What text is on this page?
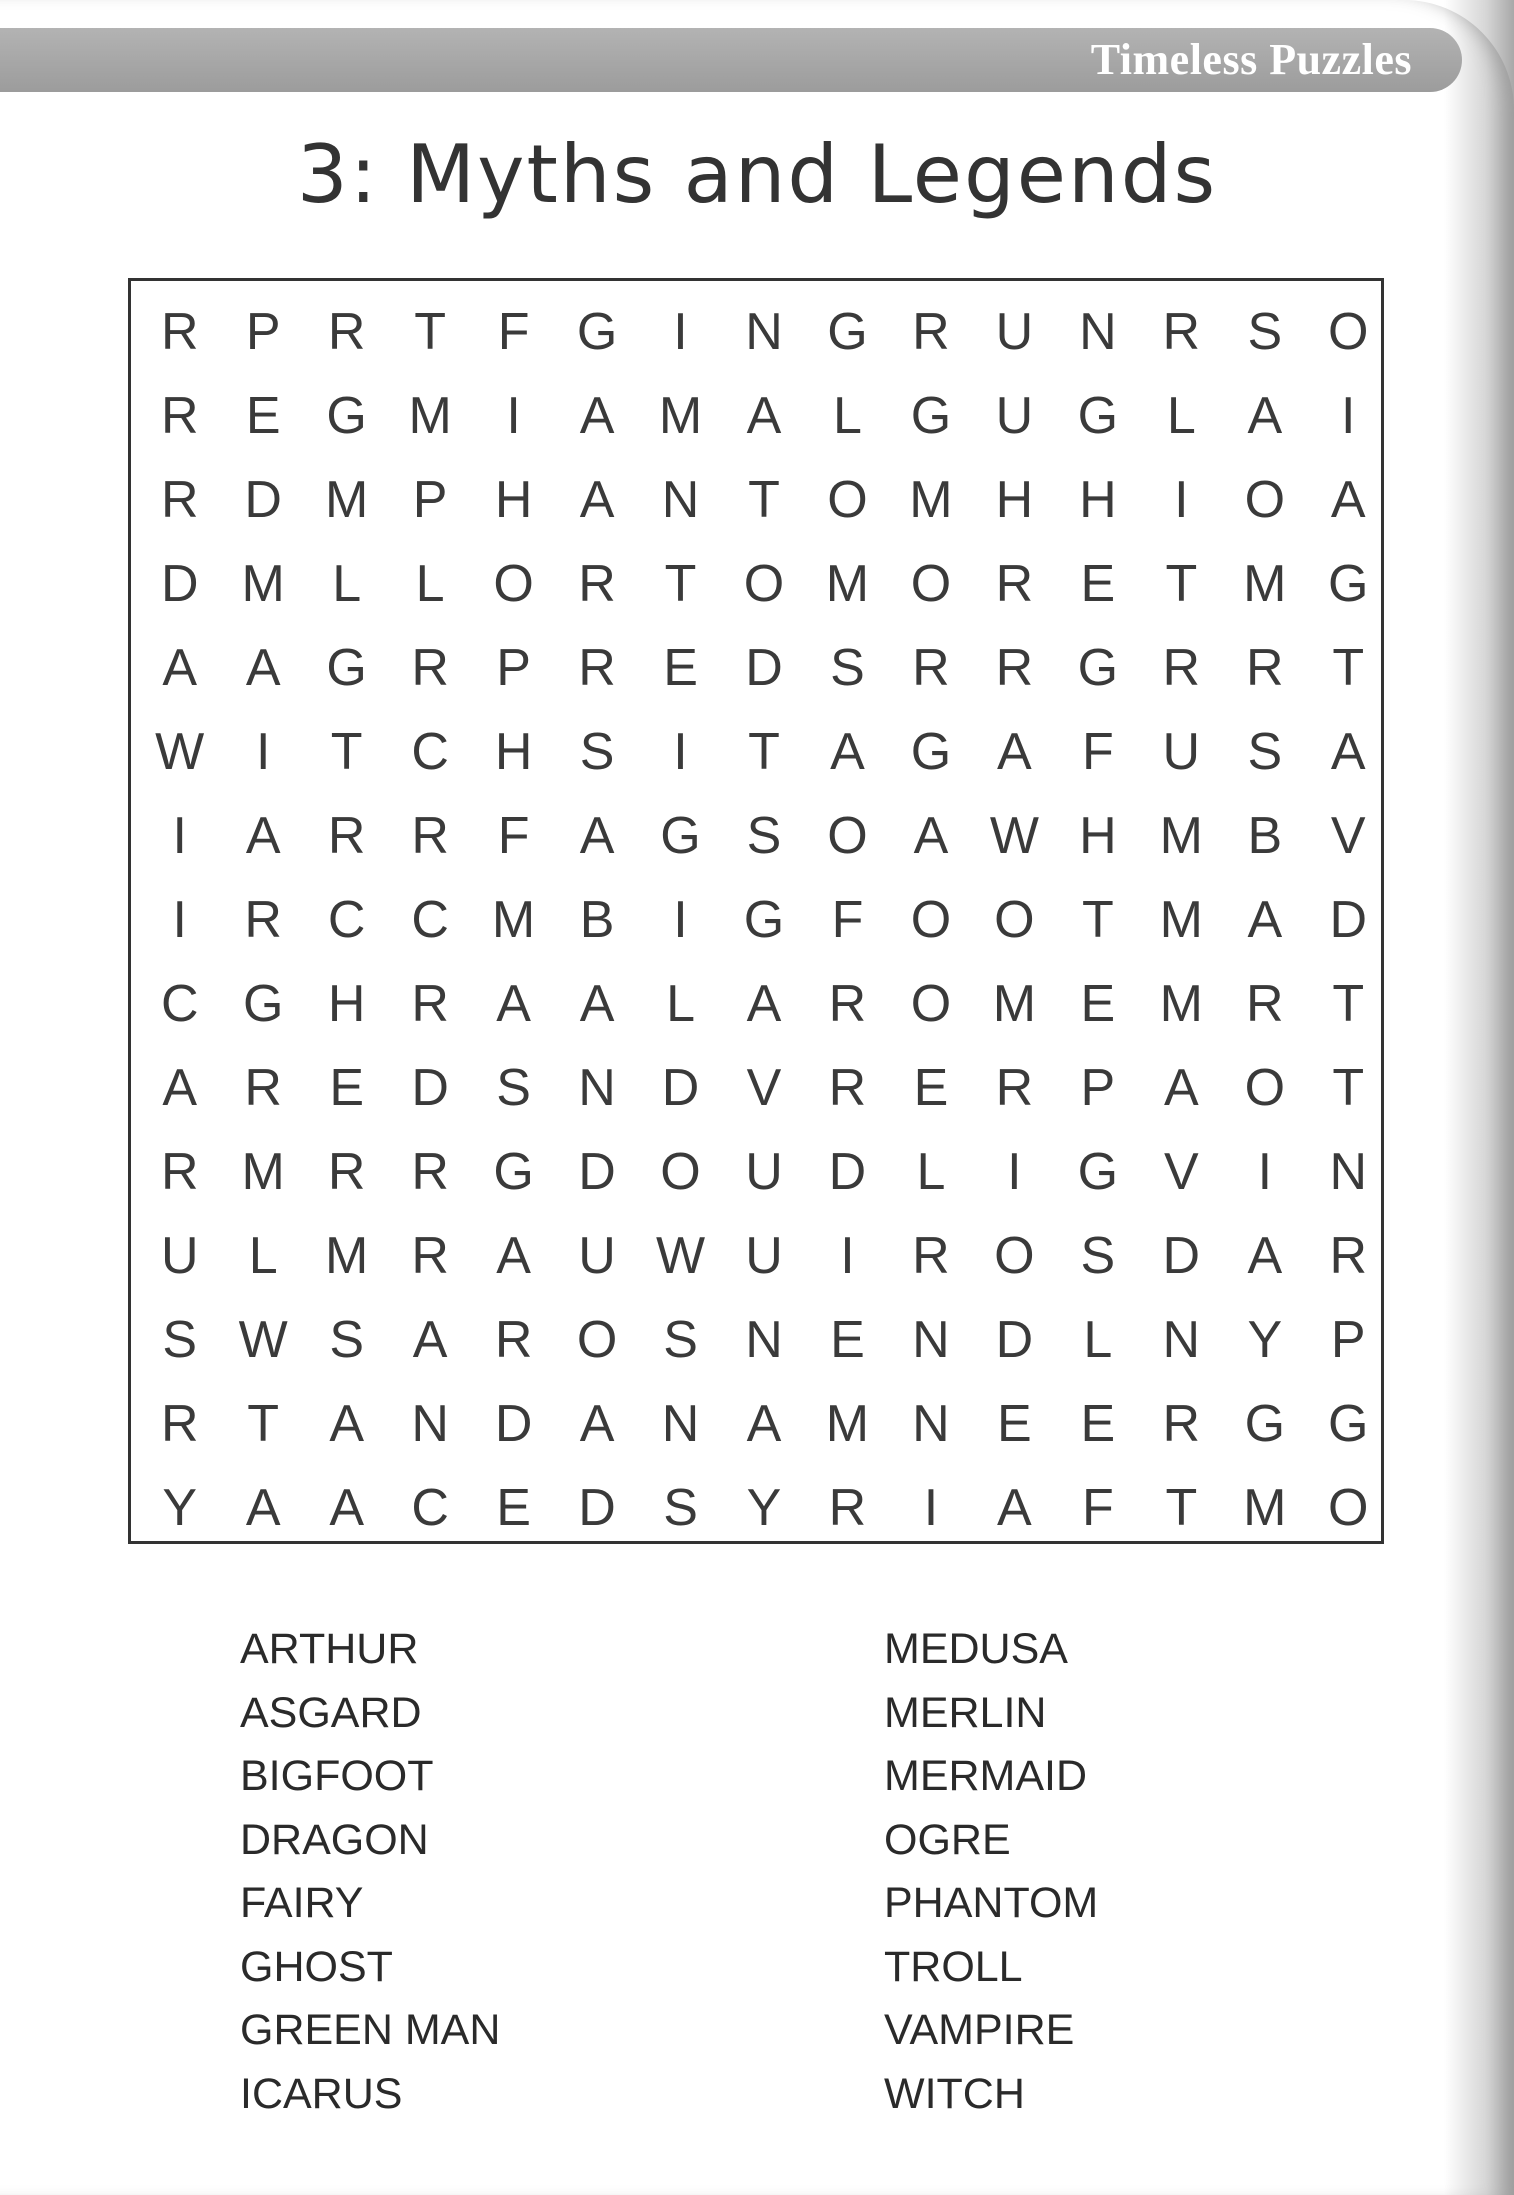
Timeless Puzzles
3: Myths and Legends
R P R T F G	I	N G R U N R S O
R E G M	I	A M A L G U G L A	I
R D M P H A N T O M H H	I	O A
D M L	L O R T O M O R E T M G
A A G R P R E D S R R G R R T
W I	T C H S	I	T A G A F U S A
I	A R R F A G S O A W H M B V
I	R C C M B	I	G F O O T M A D
C G H R A A L A R O M E M R T
A R E D S N D V R E R P A O T
R M R R G D O U D L	I	G V	I	N
U L M R A U W U	I	R O S D A R
S W S A R O S N E N D L N Y P
R T A N D A N A M N E E R G G
Y A A C E D S Y R	I	A F T M O
ARTHUR
ASGARD
BIGFOOT
DRAGON
FAIRY
GHOST
GREEN MAN
ICARUS
MEDUSA
MERLIN
MERMAID
OGRE
PHANTOM
TROLL
VAMPIRE
WITCH
